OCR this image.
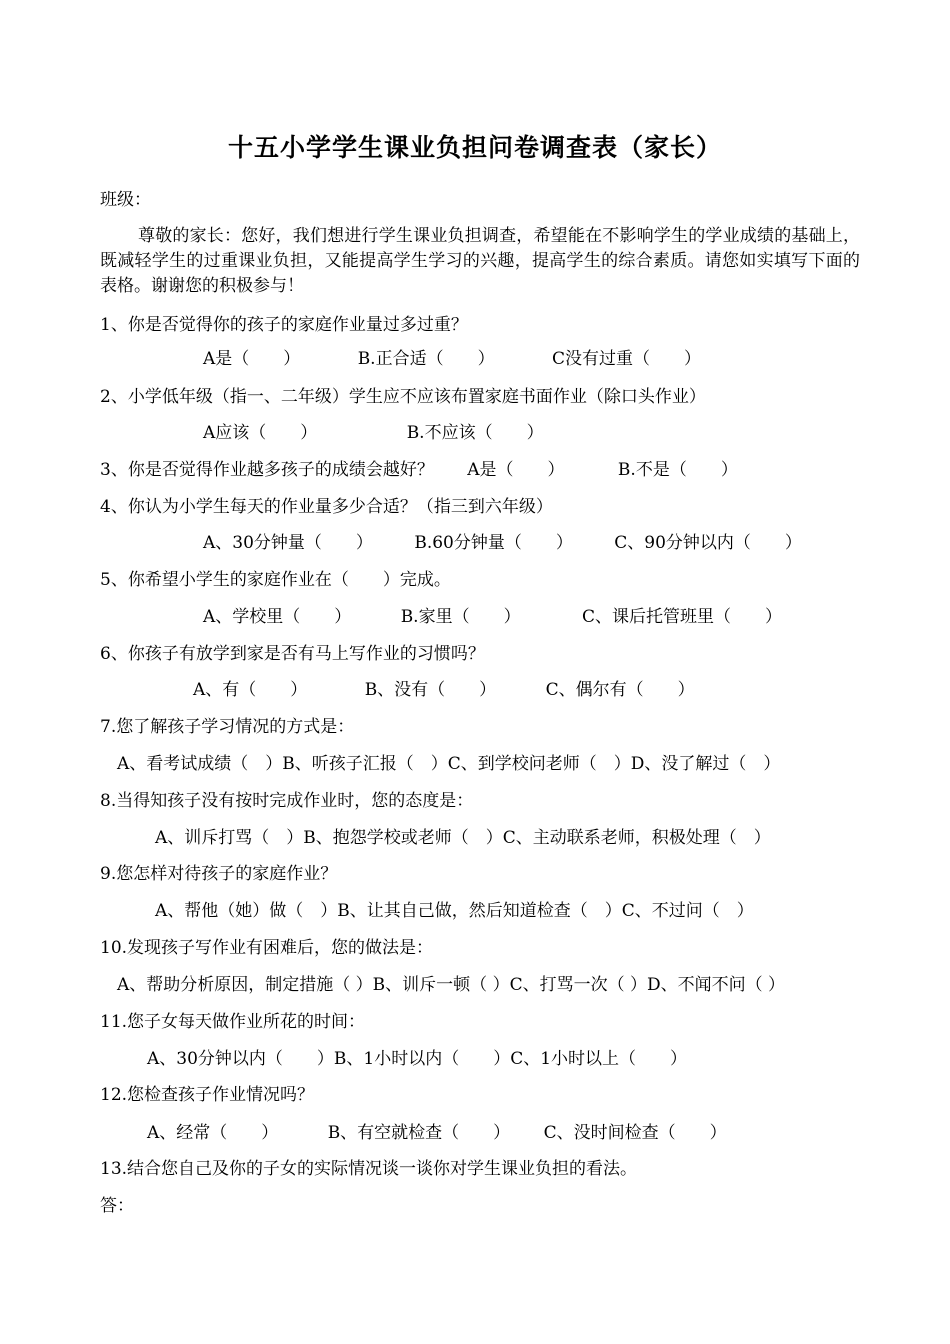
十五小学学生课业负担问卷调查表（家长）
班级：
尊敬的家长：您好，我们想进行学生课业负担调查，希望能在不影响学生的学业成绩的基础上，既减轻学生的过重课业负担，又能提高学生学习的兴趣，提高学生的综合素质。请您如实填写下面的表格。谢谢您的积极参与！
1、你是否觉得你的孩子的家庭作业量过多过重？
A是（　　）	B.正合适（　　）	C没有过重（　　）
2、小学低年级（指一、二年级）学生应不应该布置家庭书面作业（除口头作业）
A应该（　　）	B.不应该（　　）
3、你是否觉得作业越多孩子的成绩会越好？ A是（　　）	B.不是（　　）
4、你认为小学生每天的作业量多少合适？（指三到六年级）
A、30分钟量（　　） B.60分钟量（　　） C、90分钟以内（　　）
5、你希望小学生的家庭作业在（　　）完成。
A、学校里（　　）	B.家里（　　）	C、课后托管班里（　　）
6、你孩子有放学到家是否有马上写作业的习惯吗？
A、有（　　）	B、没有（　　）	C、偶尔有（　　）
7.您了解孩子学习情况的方式是：
A、看考试成绩（　）B、听孩子汇报（　）C、到学校问老师（　）D、没了解过（　）
8.当得知孩子没有按时完成作业时，您的态度是：
A、训斥打骂（　）B、抱怨学校或老师（　）C、主动联系老师，积极处理（　）
9.您怎样对待孩子的家庭作业？
A、帮他（她）做（　）B、让其自己做，然后知道检查（　）C、不过问（　）
10.发现孩子写作业有困难后，您的做法是：
A、帮助分析原因，制定措施（ ）B、训斥一顿（ ）C、打骂一次（ ）D、不闻不问（ ）
11.您子女每天做作业所花的时间：
A、30分钟以内（　　）B、1小时以内（　　）C、1小时以上（　　）
12.您检查孩子作业情况吗？
A、经常（　　）	B、有空就检查（　　） C、没时间检查（　　）
13.结合您自己及你的子女的实际情况谈一谈你对学生课业负担的看法。
答：
